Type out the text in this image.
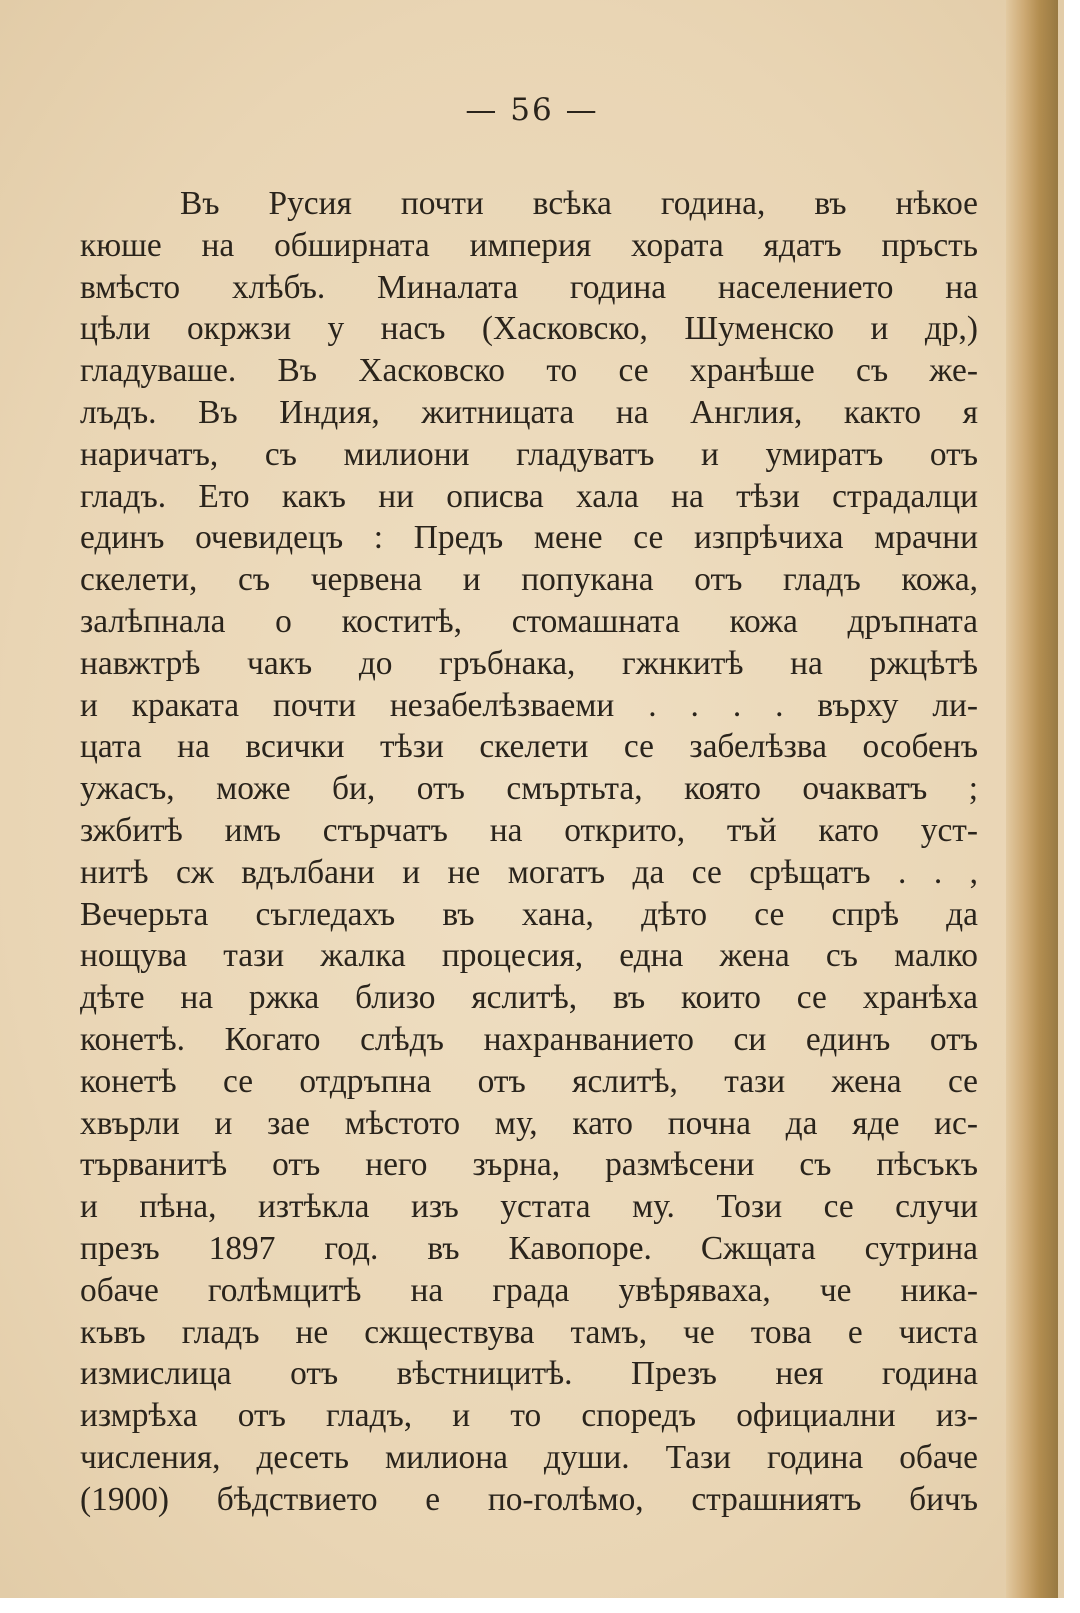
— 56 —
Въ Русия почти всѣка година, въ нѣкое
кюше на обширната империя хората ядатъ пръсть
вмѣсто хлѣбъ. Миналата година населението на
цѣли окржзи у насъ (Хасковско, Шуменско и др,)
гладуваше. Въ Хасковско то се хранѣше съ же-
лъдъ. Въ Индия, житницата на Англия, както я
наричатъ, съ милиони гладуватъ и умиратъ отъ
гладъ. Ето какъ ни описва хала на тѣзи страдалци
единъ очевидецъ : Предъ мене се изпрѣчиха мрачни
скелети, съ червена и попукана отъ гладъ кожа,
залѣпнала о коститѣ, стомашната кожа дръпната
навжтрѣ чакъ до гръбнака, гжнкитѣ на ржцѣтѣ
и краката почти незабелѣзваеми . . . . върху ли-
цата на всички тѣзи скелети се забелѣзва особенъ
ужасъ, може би, отъ смъртьта, която очакватъ ;
зжбитѣ имъ стърчатъ на открито, тъй като уст-
нитѣ сж вдълбани и не могатъ да се срѣщатъ . . ,
Вечерьта съгледахъ въ хана, дѣто се спрѣ да
нощува тази жалка процесия, една жена съ малко
дѣте на ржка близо яслитѣ, въ които се хранѣха
конетѣ. Когато слѣдъ нахранванието си единъ отъ
конетѣ се отдръпна отъ яслитѣ, тази жена се
хвърли и зае мѣстото му, като почна да яде ис-
търванитѣ отъ него зърна, размѣсени съ пѣсъкъ
и пѣна, изтѣкла изъ устата му. Този се случи
презъ 1897 год. въ Кавопоре. Сжщата сутрина
обаче голѣмцитѣ на града увѣряваха, че ника-
къвъ гладъ не сжществува тамъ, че това е чиста
измислица отъ вѣстницитѣ. Презъ нея година
измрѣха отъ гладъ, и то споредъ официални из-
числения, десеть милиона души. Тази година обаче
(1900) бѣдствието е по-голѣмо, страшниятъ бичъ
